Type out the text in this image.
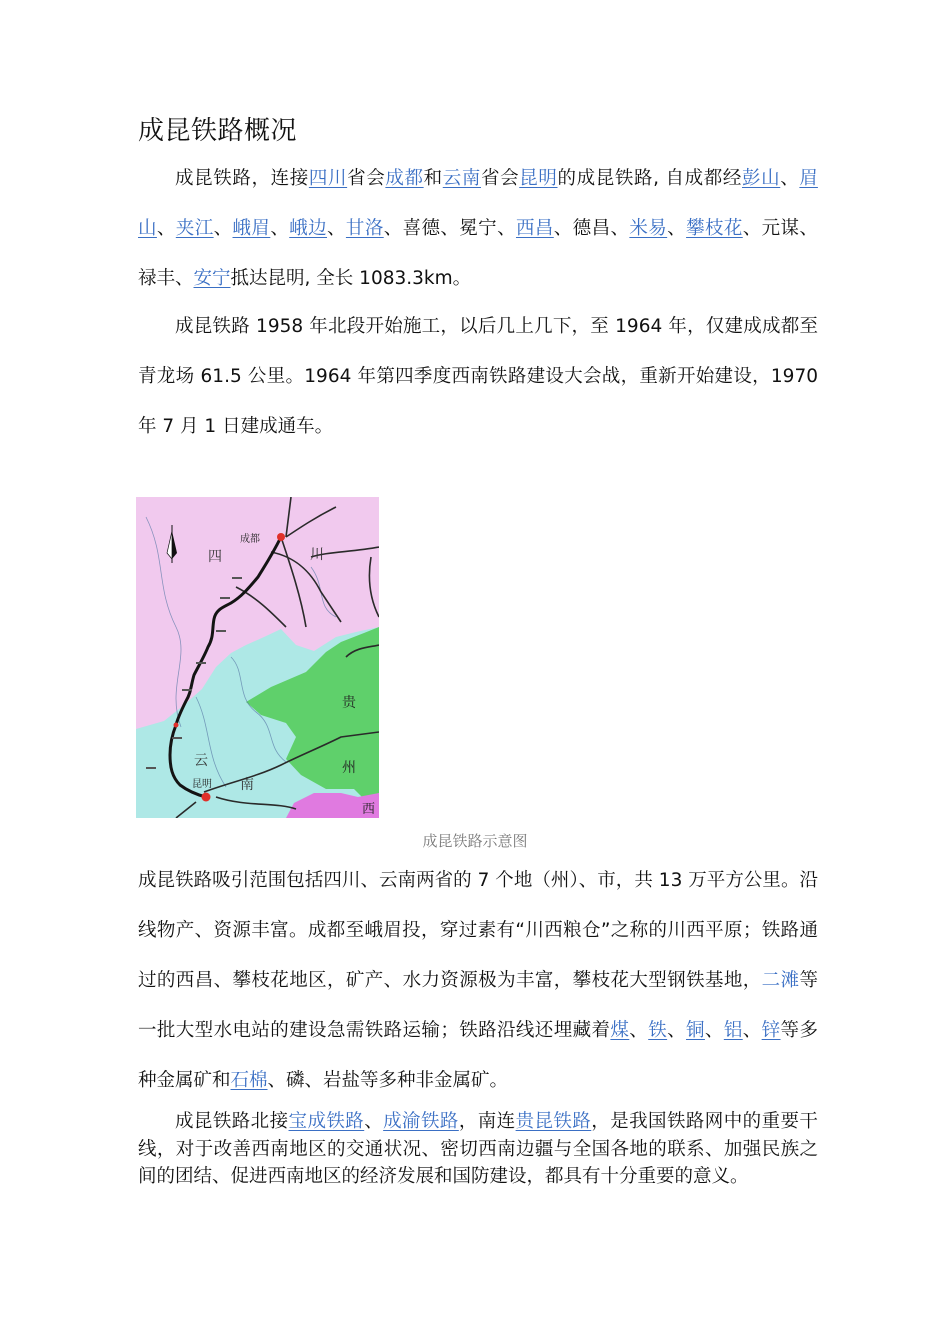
成昆铁路概况

成昆铁路，连接四川省会成都和云南省会昆明的成昆铁路, 自成都经彭山、眉山、夹江、峨眉、峨边、甘洛、喜德、冕宁、西昌、德昌、米易、攀枝花、元谋、禄丰、安宁抵达昆明, 全长 1083.3km。

成昆铁路 1958 年北段开始施工，以后几上几下，至 1964 年，仅建成成都至青龙场 61.5 公里。1964 年第四季度西南铁路建设大会战，重新开始建设，1970 年 7 月 1 日建成通车。

成都
四	川
贵
云
昆明 南
州
西
成昆铁路示意图

成昆铁路吸引范围包括四川、云南两省的 7 个地（州）、市，共 13 万平方公里。沿线物产、资源丰富。成都至峨眉投，穿过素有“川西粮仓”之称的川西平原；铁路通过的西昌、攀枝花地区，矿产、水力资源极为丰富，攀枝花大型钢铁基地，二滩等一批大型水电站的建设急需铁路运输；铁路沿线还埋藏着煤、铁、铜、铝、锌等多种金属矿和石棉、磷、岩盐等多种非金属矿。

成昆铁路北接宝成铁路、成渝铁路，南连贵昆铁路，是我国铁路网中的重要干线，对于改善西南地区的交通状况、密切西南边疆与全国各地的联系、加强民族之间的团结、促进西南地区的经济发展和国防建设，都具有十分重要的意义。
